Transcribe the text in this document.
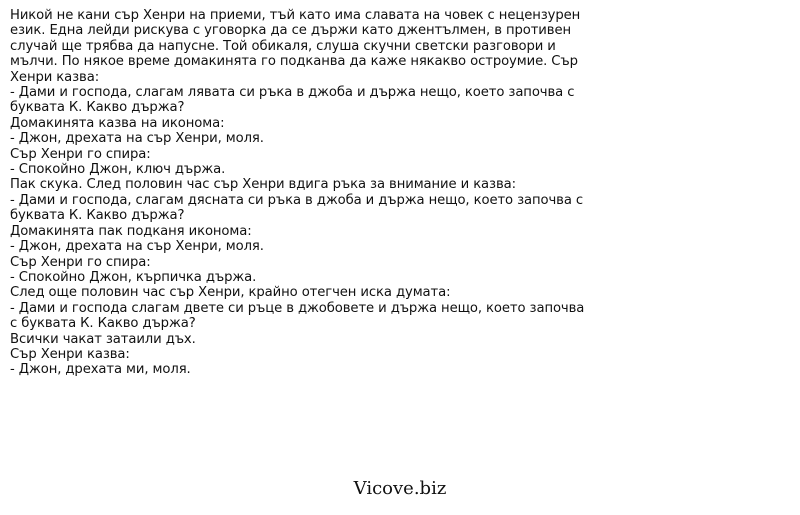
Никой не кани сър Хенри на приеми, тъй като има славата на човек с нецензурен език. Една лейди рискува с уговорка да се държи като джентълмен, в противен случай ще трябва да напусне. Той обикаля, слуша скучни светски разговори и мълчи. По някое време домакинята го подканва да каже някакво остроумие. Сър Хенри казва:
- Дами и господа, слагам лявата си ръка в джоба и държа нещо, което започва с буквата К. Какво държа?
Домакинята казва на иконома:
- Джон, дрехата на сър Хенри, моля.
Сър Хенри го спира:
- Спокойно Джон, ключ държа.
Пак скука. След половин час сър Хенри вдига ръка за внимание и казва:
- Дами и господа, слагам дясната си ръка в джоба и държа нещо, което започва с буквата К. Какво държа?
Домакинята пак подканя иконома:
- Джон, дрехата на сър Хенри, моля.
Сър Хенри го спира:
- Спокойно Джон, кърпичка държа.
След още половин час сър Хенри, крайно отегчен иска думата:
- Дами и господа слагам двете си ръце в джобовете и държа нещо, което започва с буквата К. Какво държа?
Всички чакат затаили дъх.
Сър Хенри казва:
- Джон, дрехата ми, моля.
Vicove.biz
